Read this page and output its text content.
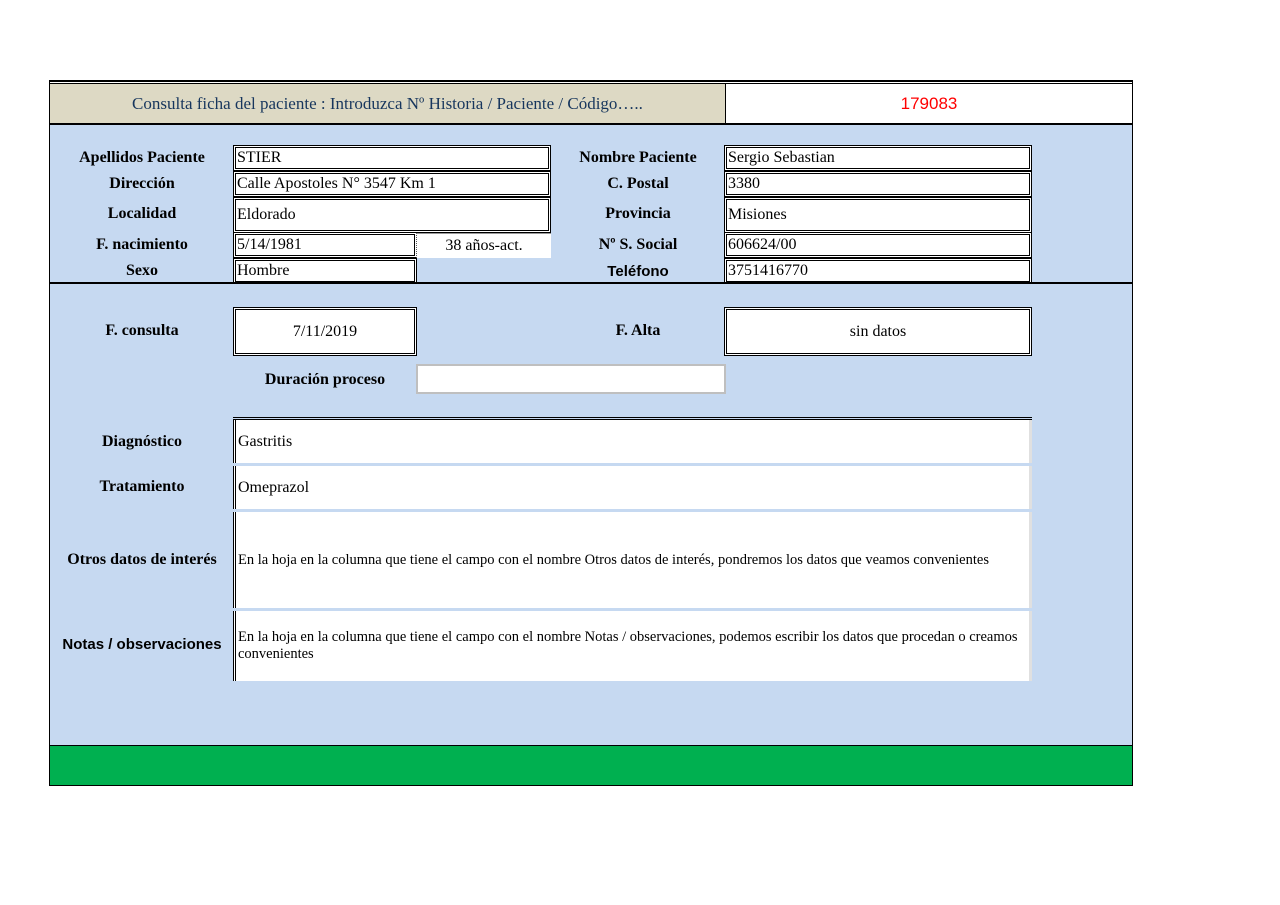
Consulta ficha del paciente : Introduzca Nº Historia / Paciente / Código…..	179083
Apellidos Paciente	STIER	Nombre Paciente	Sergio Sebastian
Dirección	Calle Apostoles N° 3547 Km 1	C. Postal	3380
Localidad	Eldorado	Provincia	Misiones
F. nacimiento	5/14/1981	38 años-act.	Nº S. Social	606624/00
Sexo	Hombre	Teléfono	3751416770
F. consulta	7/11/2019	F. Alta	sin datos
Duración proceso
Diagnóstico	Gastritis
Tratamiento	Omeprazol
Otros datos de interés	En la hoja en la columna que tiene el campo con el nombre Otros datos de interés, pondremos los datos que veamos convenientes
Notas / observaciones	En la hoja en la columna que tiene el campo con el nombre Notas / observaciones, podemos escribir los datos que procedan o creamos convenientes
